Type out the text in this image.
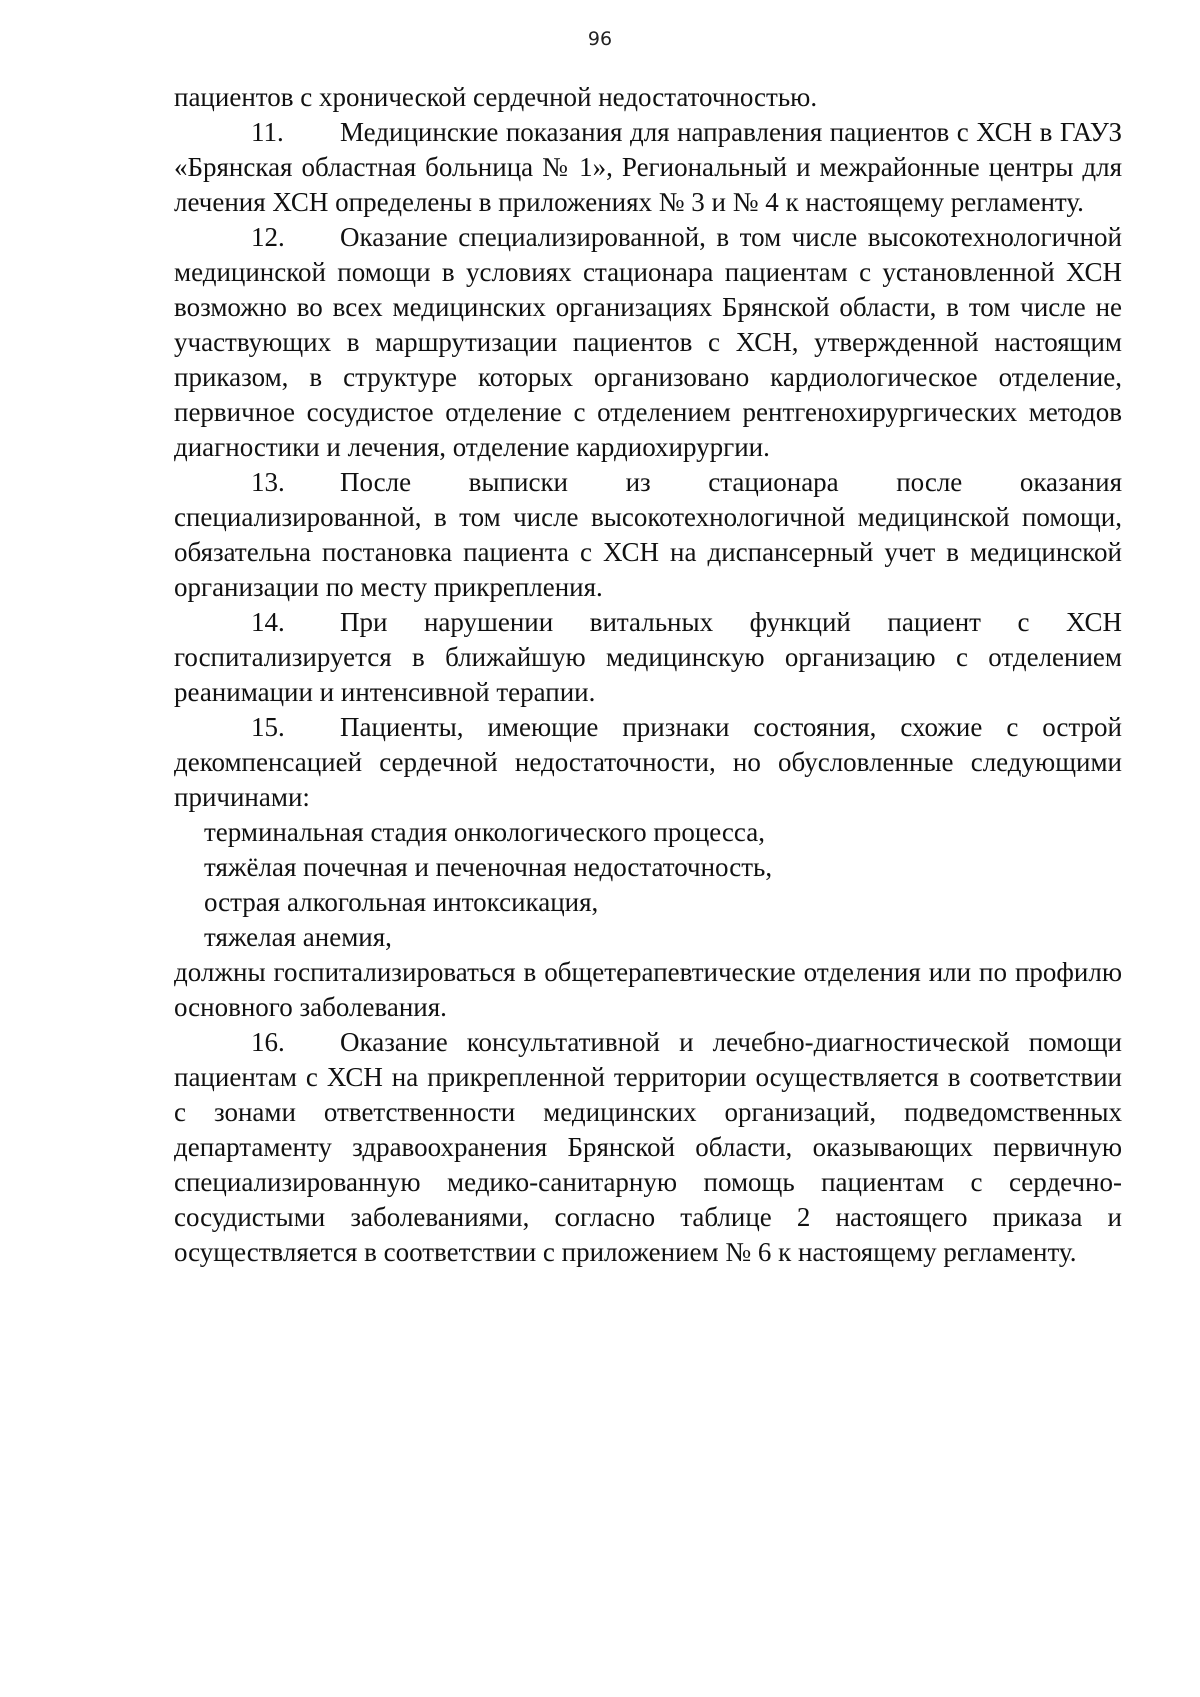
96

пациентов с хронической сердечной недостаточностью.

11. Медицинские показания для направления пациентов с ХСН в ГАУЗ «Брянская областная больница № 1», Региональный и межрайонные центры для лечения ХСН определены в приложениях № 3 и № 4 к настоящему регламенту.

12. Оказание специализированной, в том числе высокотехнологичной медицинской помощи в условиях стационара пациентам с установленной ХСН возможно во всех медицинских организациях Брянской области, в том числе не участвующих в маршрутизации пациентов с ХСН, утвержденной настоящим приказом, в структуре которых организовано кардиологическое отделение, первичное сосудистое отделение с отделением рентгенохирургических методов диагностики и лечения, отделение кардиохирургии.

13. После выписки из стационара после оказания специализированной, в том числе высокотехнологичной медицинской помощи, обязательна постановка пациента с ХСН на диспансерный учет в медицинской организации по месту прикрепления.

14. При нарушении витальных функций пациент с ХСН госпитализируется в ближайшую медицинскую организацию с отделением реанимации и интенсивной терапии.

15. Пациенты, имеющие признаки состояния, схожие с острой декомпенсацией сердечной недостаточности, но обусловленные следующими причинами:

терминальная стадия онкологического процесса,

тяжёлая почечная и печеночная недостаточность,

острая алкогольная интоксикация,

тяжелая анемия,

должны госпитализироваться в общетерапевтические отделения или по профилю основного заболевания.

16. Оказание консультативной и лечебно-диагностической помощи пациентам с ХСН на прикрепленной территории осуществляется в соответствии с зонами ответственности медицинских организаций, подведомственных департаменту здравоохранения Брянской области, оказывающих первичную специализированную медико-санитарную помощь пациентам с сердечно-сосудистыми заболеваниями, согласно таблице 2 настоящего приказа и осуществляется в соответствии с приложением № 6 к настоящему регламенту.
